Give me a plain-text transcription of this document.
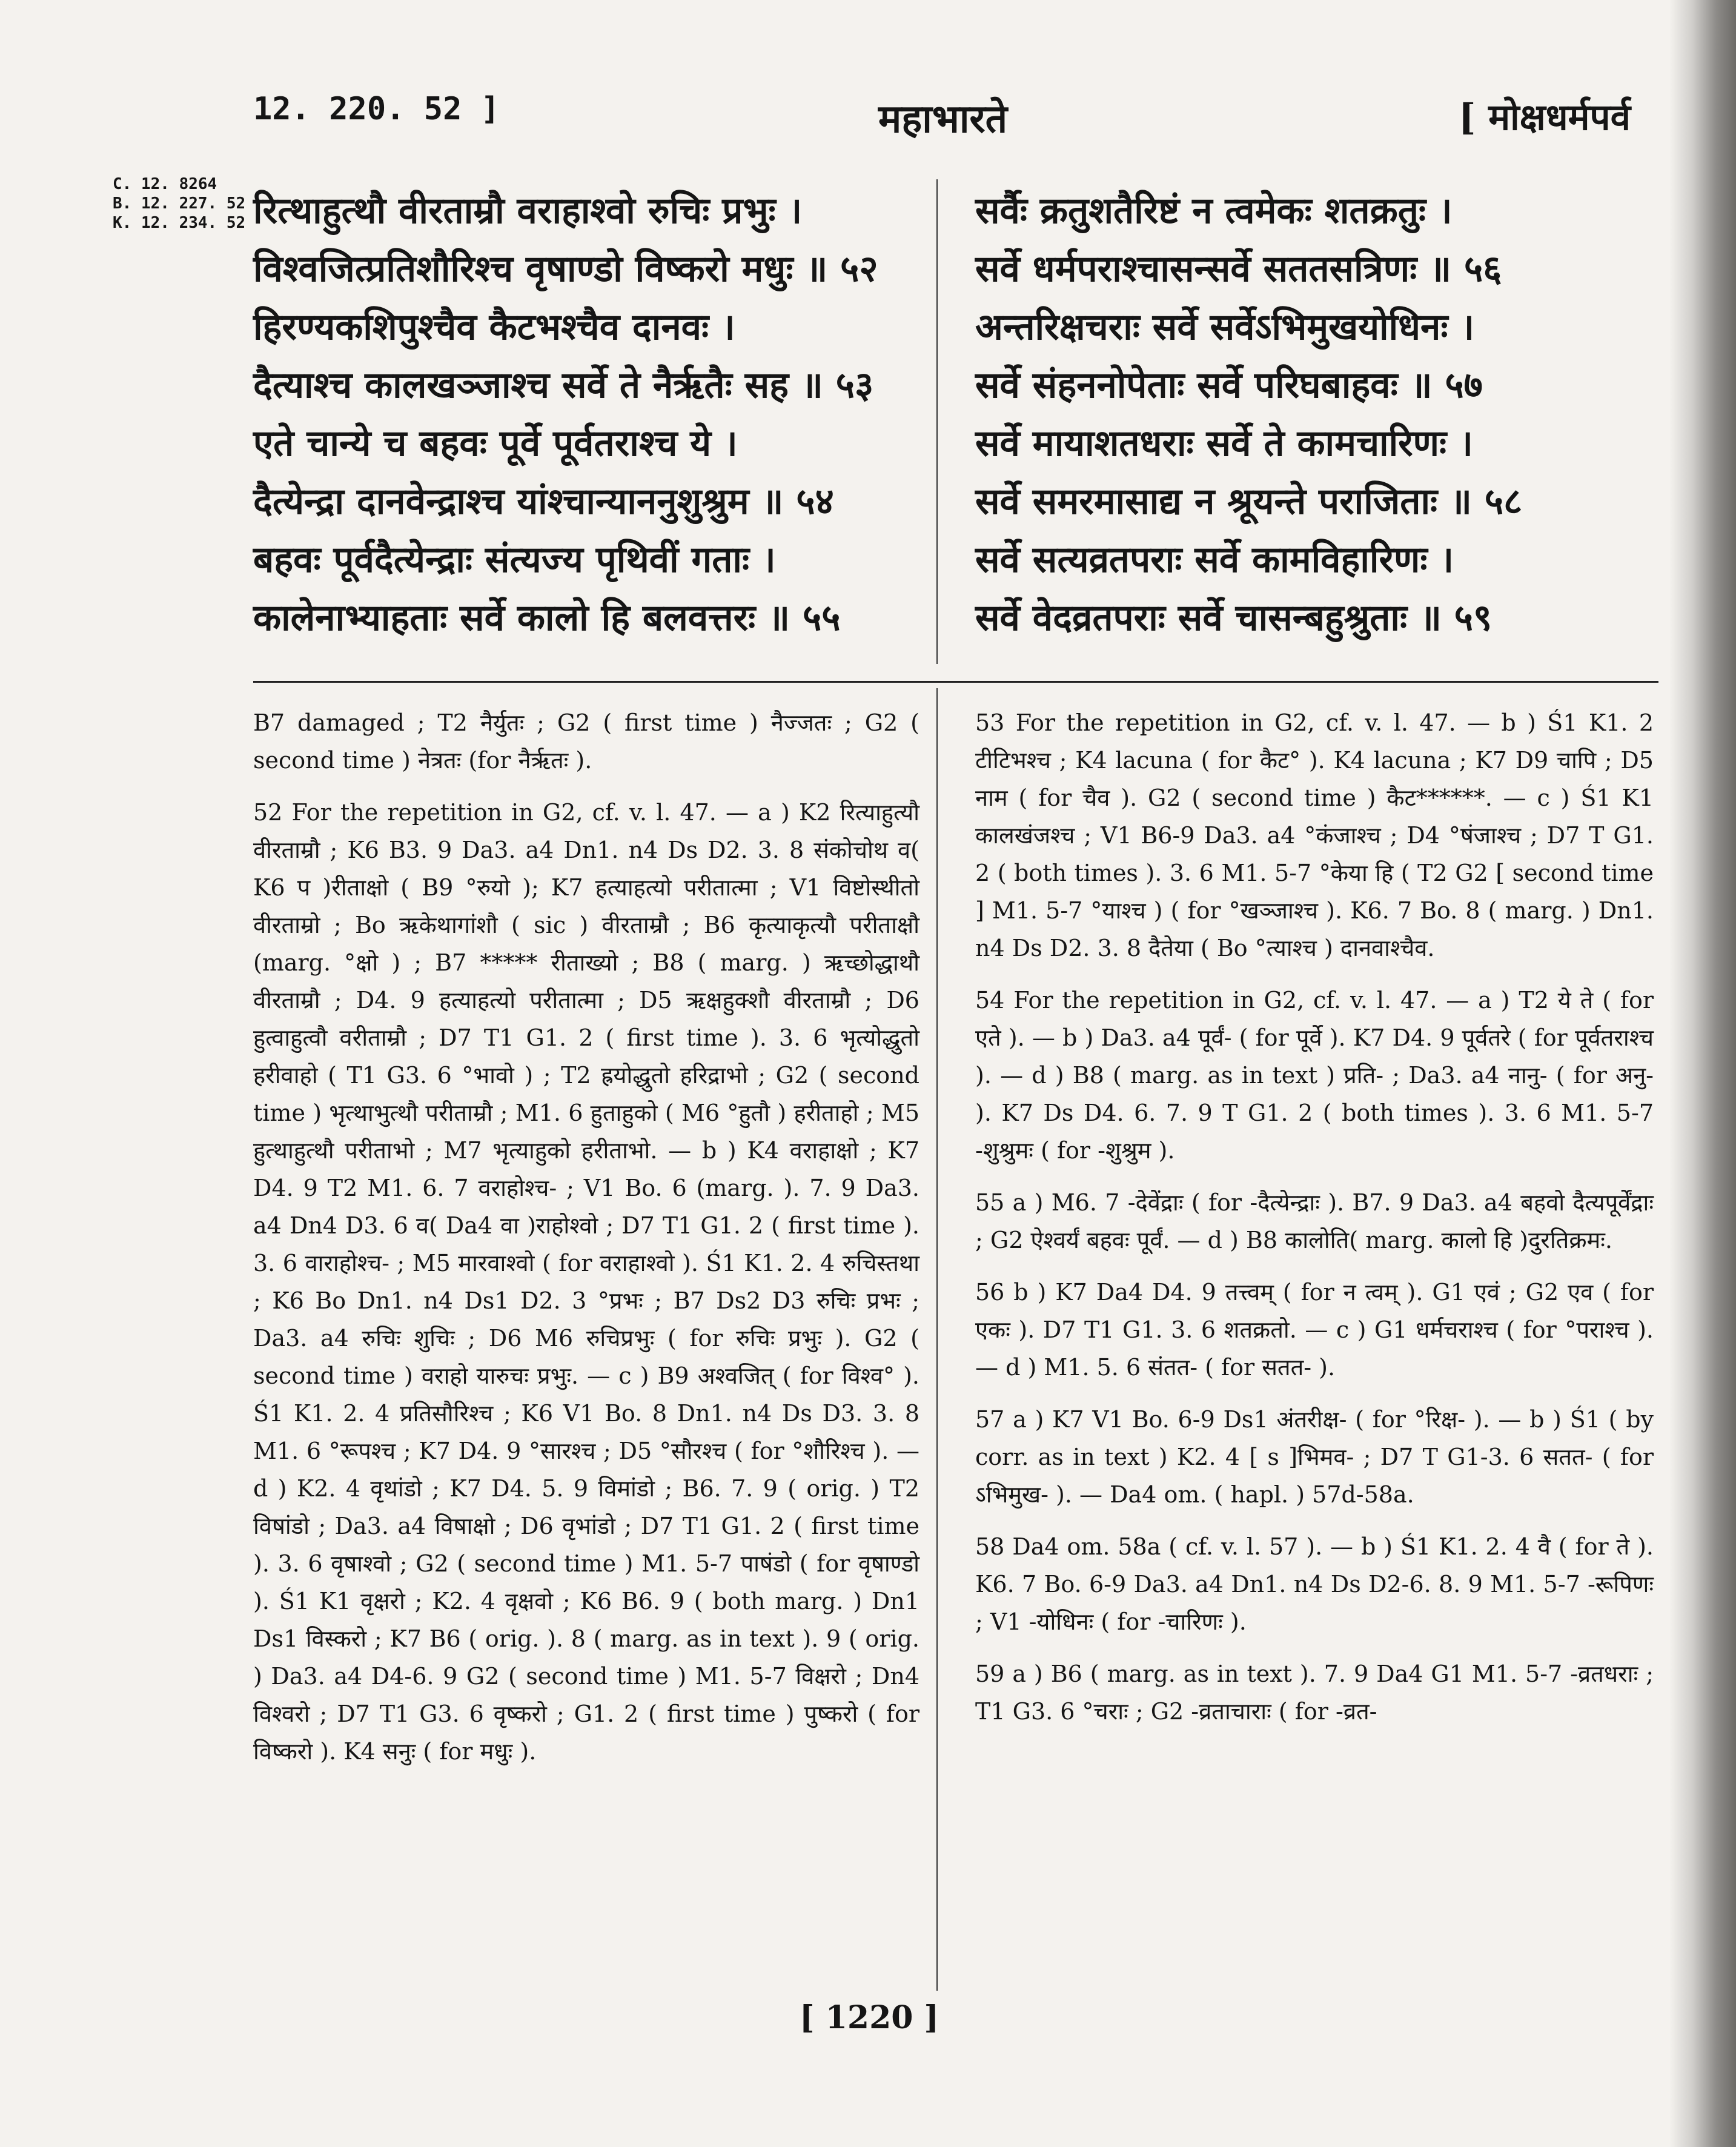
12. 220. 52 ]	महाभारते	[ मोक्षधर्मपर्व
C. 12. 8264
B. 12. 227. 52
K. 12. 234. 52 रित्थाहुत्थौ वीरताम्रौ वराहाश्वो रुचिः प्रभुः ।
विश्वजित्प्रतिशौरिश्च वृषाण्डो विष्करो मधुः ॥ ५२
हिरण्यकशिपुश्चैव कैटभश्चैव दानवः ।
दैत्याश्च कालखञ्जाश्च सर्वे ते नैर्ऋतैः सह ॥ ५३
एते चान्ये च बहवः पूर्वे पूर्वतराश्च ये ।
दैत्येन्द्रा दानवेन्द्राश्च यांश्चान्याननुशुश्रुम ॥ ५४
बहवः पूर्वदैत्येन्द्राः संत्यज्य पृथिवीं गताः ।
कालेनाभ्याहताः सर्वे कालो हि बलवत्तरः ॥ ५५
सर्वैः क्रतुशतैरिष्टं न त्वमेकः शतक्रतुः ।
सर्वे धर्मपराश्चासन्सर्वे सततसत्रिणः ॥ ५६
अन्तरिक्षचराः सर्वे सर्वेऽभिमुखयोधिनः ।
सर्वे संहननोपेताः सर्वे परिघबाहवः ॥ ५७
सर्वे मायाशतधराः सर्वे ते कामचारिणः ।
सर्वे समरमासाद्य न श्रूयन्ते पराजिताः ॥ ५८
सर्वे सत्यव्रतपराः सर्वे कामविहारिणः ।
सर्वे वेदव्रतपराः सर्वे चासन्बहुश्रुताः ॥ ५९

B7 damaged ; T2 नैर्युतः ; G2 ( first time ) नैज्जतः ; G2 ( second time ) नेत्रतः (for नैर्ऋतः ).

52 For the repetition in G2, cf. v. l. 47. — a ) K2 रित्याहुत्यौ वीरताम्रौ ; K6 B3. 9 Da3. a4 Dn1. n4 Ds D2. 3. 8 संकोचोथ व( K6 प )रीताक्षो ( B9 °रुयो ); K7 हत्याहत्यो परीतात्मा ; V1 विष्टोस्थीतो वीरताम्रो ; Bo ऋकेथागांशौ ( sic ) वीरताम्रौ ; B6 कृत्याकृत्यौ परीताक्षौ (marg. °क्षो ) ; B7 ***** रीताख्यो ; B8 ( marg. ) ऋच्छोद्धाथौ वीरताम्रौ ; D4. 9 हत्याहत्यो परीतात्मा ; D5 ऋक्षहुक्शौ वीरताम्रौ ; D6 हुत्वाहुत्वौ वरीताम्रौ ; D7 T1 G1. 2 ( first time ). 3. 6 भृत्योद्धुतो हरीवाहो ( T1 G3. 6 °भावो ) ; T2 ह्रयोद्धुतो हरिद्राभो ; G2 ( second time ) भृत्थाभुत्थौ परीताम्रौ ; M1. 6 हुताहुको ( M6 °हुतौ ) हरीताहो ; M5 हुत्थाहुत्थौ परीताभो ; M7 भृत्याहुको हरीताभो. — b ) K4 वराहाक्षो ; K7 D4. 9 T2 M1. 6. 7 वराहोश्च- ; V1 Bo. 6 (marg. ). 7. 9 Da3. a4 Dn4 D3. 6 व( Da4 वा )राहोश्वो ; D7 T1 G1. 2 ( first time ). 3. 6 वाराहोश्च- ; M5 मारवाश्वो ( for वराहाश्वो ). Ś1 K1. 2. 4 रुचिस्तथा ; K6 Bo Dn1. n4 Ds1 D2. 3 °प्रभः ; B7 Ds2 D3 रुचिः प्रभः ; Da3. a4 रुचिः शुचिः ; D6 M6 रुचिप्रभुः ( for रुचिः प्रभुः ). G2 ( second time ) वराहो यारुचः प्रभुः. — c ) B9 अश्वजित् ( for विश्व° ). Ś1 K1. 2. 4 प्रतिसौरिश्च ; K6 V1 Bo. 8 Dn1. n4 Ds D3. 3. 8 M1. 6 °रूपश्च ; K7 D4. 9 °सारश्च ; D5 °सौरश्च ( for °शौरिश्च ). — d ) K2. 4 वृथांडो ; K7 D4. 5. 9 विमांडो ; B6. 7. 9 ( orig. ) T2 विषांडो ; Da3. a4 विषाक्षो ; D6 वृभांडो ; D7 T1 G1. 2 ( first time ). 3. 6 वृषाश्वो ; G2 ( second time ) M1. 5-7 पाषंडो ( for वृषाण्डो ). Ś1 K1 वृक्षरो ; K2. 4 वृक्षवो ; K6 B6. 9 ( both marg. ) Dn1 Ds1 विस्करो ; K7 B6 ( orig. ). 8 ( marg. as in text ). 9 ( orig. ) Da3. a4 D4-6. 9 G2 ( second time ) M1. 5-7 विक्षरो ; Dn4 विश्वरो ; D7 T1 G3. 6 वृष्करो ; G1. 2 ( first time ) पुष्करो ( for विष्करो ). K4 सनुः ( for मधुः ).

53 For the repetition in G2, cf. v. l. 47. — b ) Ś1 K1. 2 टीटिभश्च ; K4 lacuna ( for कैट° ). K4 lacuna ; K7 D9 चापि ; D5 नाम ( for चैव ). G2 ( second time ) कैट******. — c ) Ś1 K1 कालखंजश्च ; V1 B6-9 Da3. a4 °कंजाश्च ; D4 °षंजाश्च ; D7 T G1. 2 ( both times ). 3. 6 M1. 5-7 °केया हि ( T2 G2 [ second time ] M1. 5-7 °याश्च ) ( for °खञ्जाश्च ). K6. 7 Bo. 8 ( marg. ) Dn1. n4 Ds D2. 3. 8 दैतेया ( Bo °त्याश्च ) दानवाश्चैव.

54 For the repetition in G2, cf. v. l. 47. — a ) T2 ये ते ( for एते ). — b ) Da3. a4 पूर्वं- ( for पूर्वे ). K7 D4. 9 पूर्वतरे ( for पूर्वतराश्च ). — d ) B8 ( marg. as in text ) प्रति- ; Da3. a4 नानु- ( for अनु- ). K7 Ds D4. 6. 7. 9 T G1. 2 ( both times ). 3. 6 M1. 5-7 -शुश्रुमः ( for -शुश्रुम ).

55 a ) M6. 7 -देवेंद्राः ( for -दैत्येन्द्राः ). B7. 9 Da3. a4 बहवो दैत्यपूर्वेंद्राः ; G2 ऐश्वर्यं बहवः पूर्वं. — d ) B8 कालोति( marg. कालो हि )दुरतिक्रमः.

56 b ) K7 Da4 D4. 9 तत्त्वम् ( for न त्वम् ). G1 एवं ; G2 एव ( for एकः ). D7 T1 G1. 3. 6 शतक्रतो. — c ) G1 धर्मचराश्च ( for °पराश्च ). — d ) M1. 5. 6 संतत- ( for सतत- ).

57 a ) K7 V1 Bo. 6-9 Ds1 अंतरीक्ष- ( for °रिक्ष- ). — b ) Ś1 ( by corr. as in text ) K2. 4 [ s ]भिमव- ; D7 T G1-3. 6 सतत- ( for ऽभिमुख- ). — Da4 om. ( hapl. ) 57d-58a.

58 Da4 om. 58a ( cf. v. l. 57 ). — b ) Ś1 K1. 2. 4 वै ( for ते ). K6. 7 Bo. 6-9 Da3. a4 Dn1. n4 Ds D2-6. 8. 9 M1. 5-7 -रूपिणः ; V1 -योधिनः ( for -चारिणः ).

59 a ) B6 ( marg. as in text ). 7. 9 Da4 G1 M1. 5-7 -व्रतधराः ; T1 G3. 6 °चराः ; G2 -व्रताचाराः ( for -व्रत-

[ 1220 ]
